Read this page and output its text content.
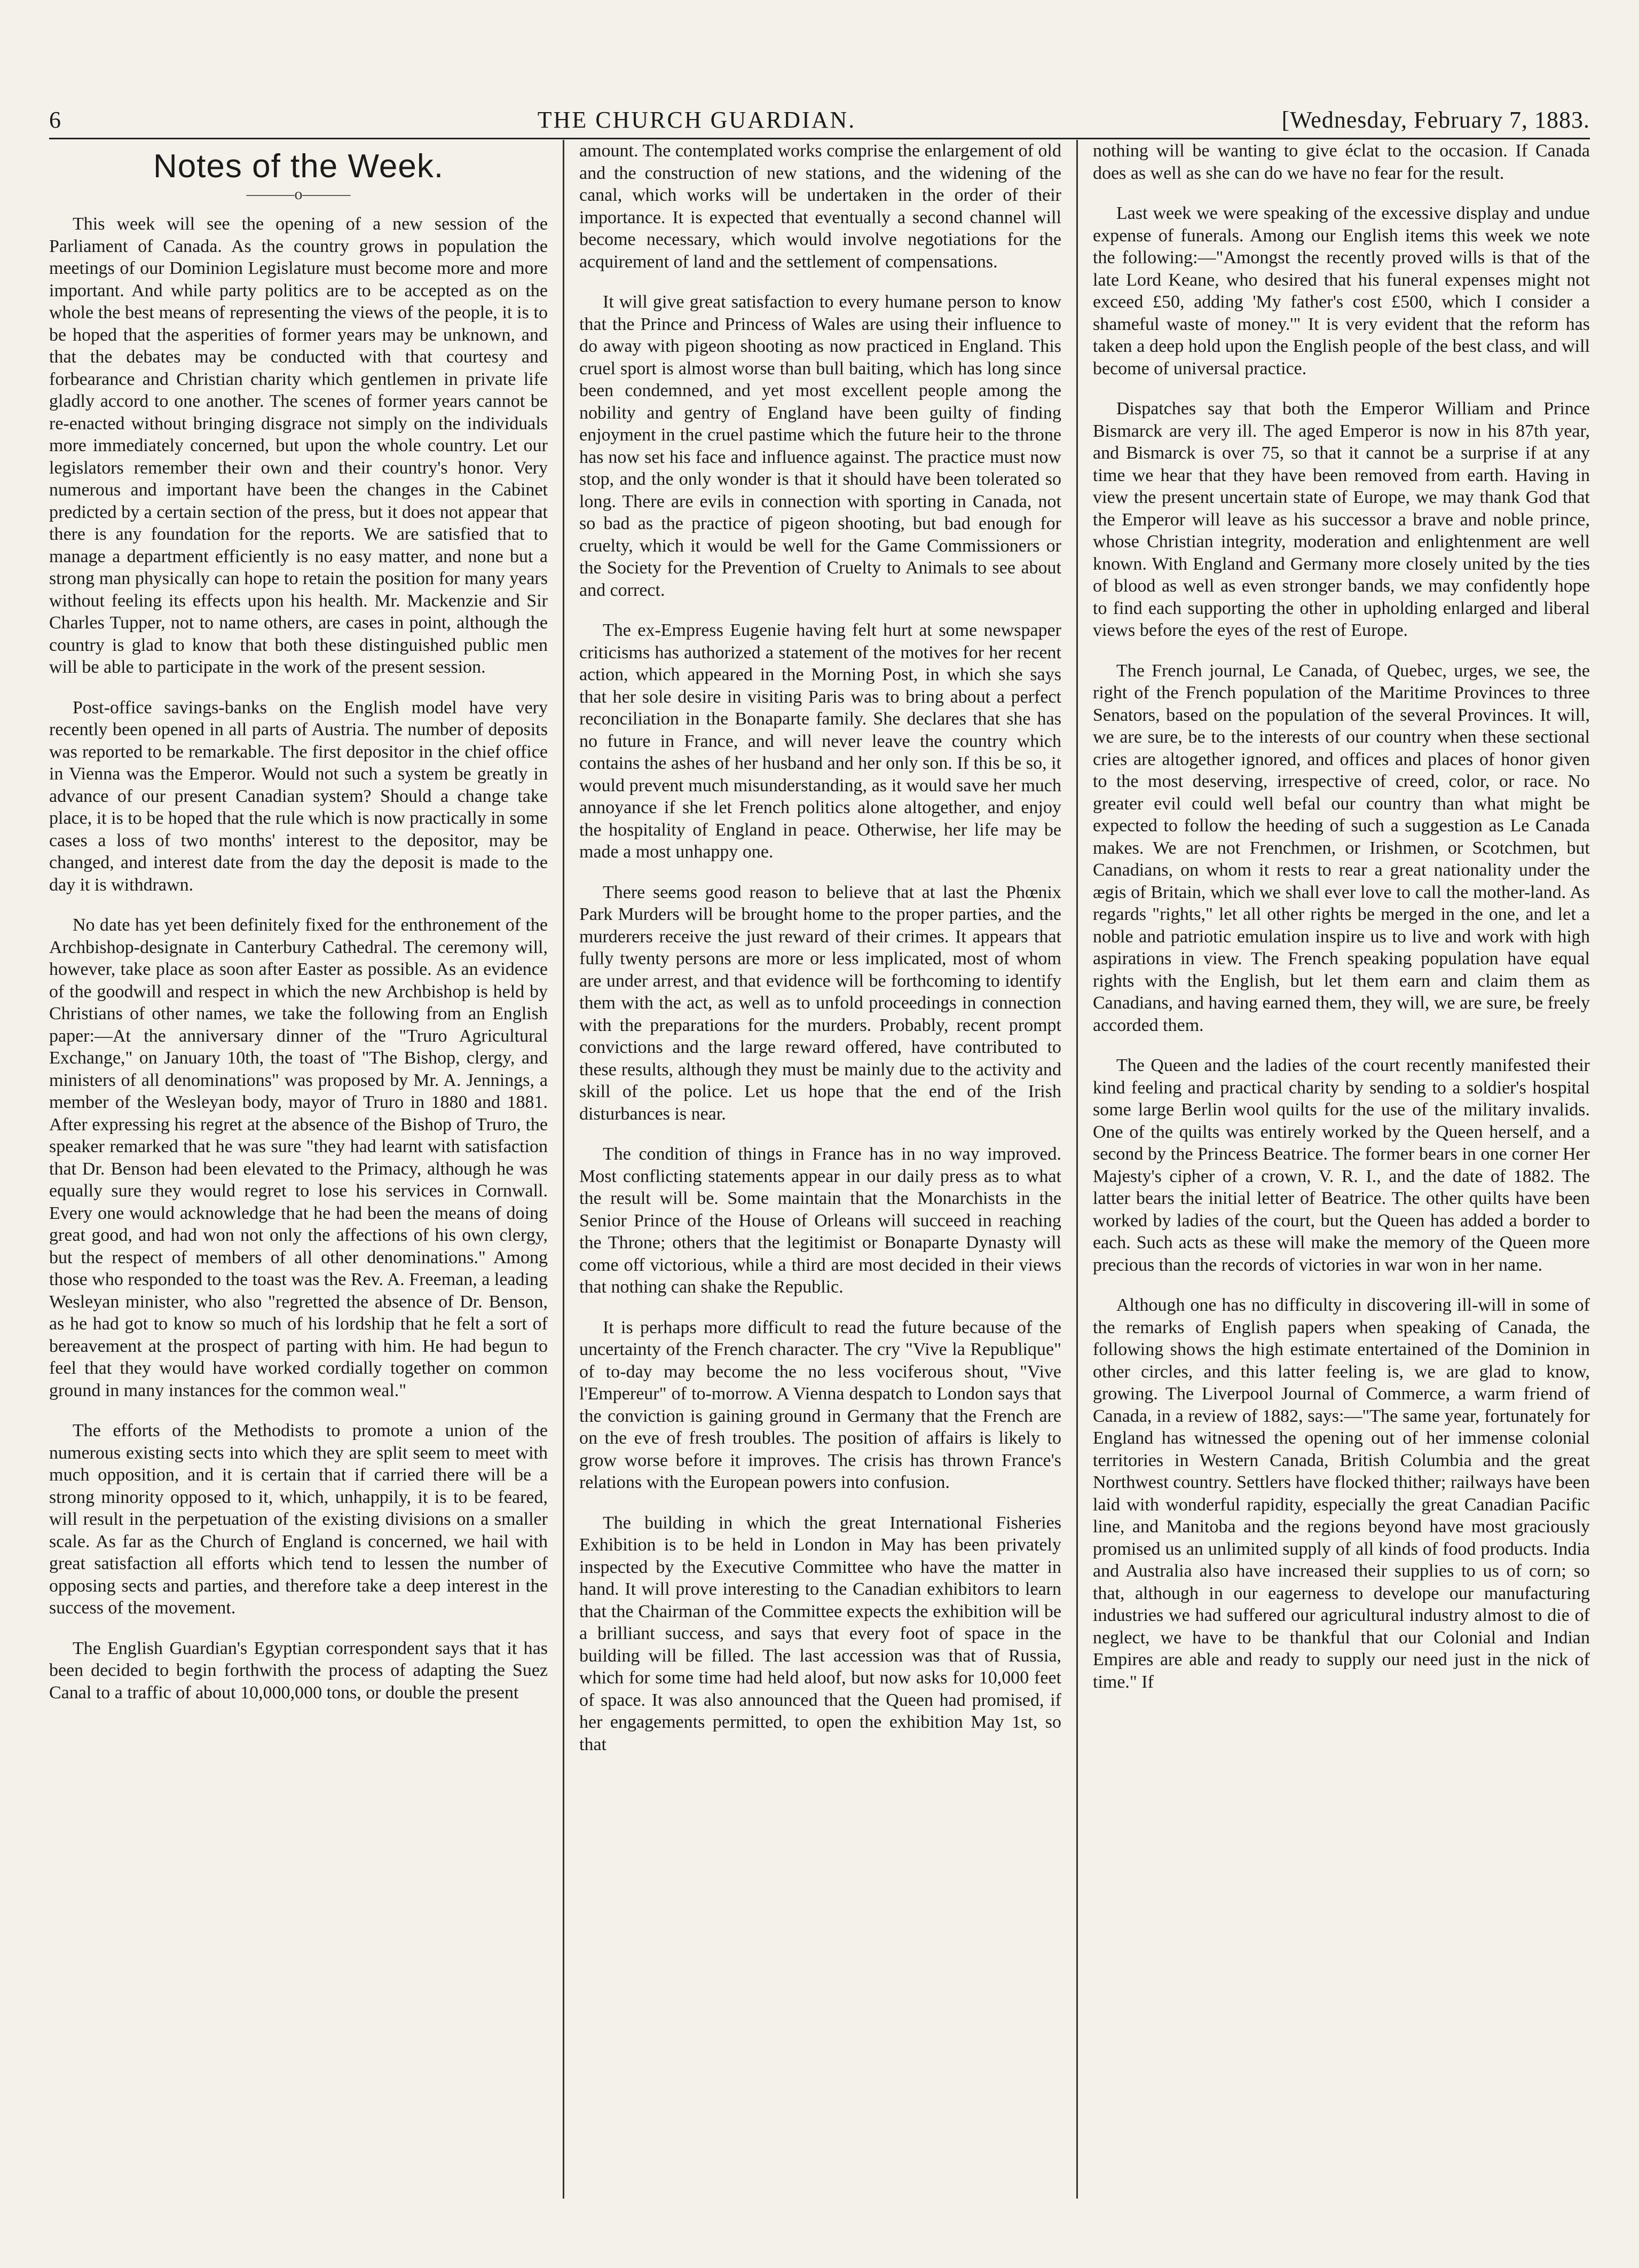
6	THE CHURCH GUARDIAN.	[Wednesday, February 7, 1883.
Notes of the Week.
———o———

This week will see the opening of a new session of the Parliament of Canada. As the country grows in population the meetings of our Dominion Legislature must become more and more important. And while party politics are to be accepted as on the whole the best means of representing the views of the people, it is to be hoped that the asperities of former years may be unknown, and that the debates may be conducted with that courtesy and forbearance and Christian charity which gentlemen in private life gladly accord to one another. The scenes of former years cannot be re-enacted without bringing disgrace not simply on the individuals more immediately concerned, but upon the whole country. Let our legislators remember their own and their country's honor. Very numerous and important have been the changes in the Cabinet predicted by a certain section of the press, but it does not appear that there is any foundation for the reports. We are satisfied that to manage a department efficiently is no easy matter, and none but a strong man physically can hope to retain the position for many years without feeling its effects upon his health. Mr. Mackenzie and Sir Charles Tupper, not to name others, are cases in point, although the country is glad to know that both these distinguished public men will be able to participate in the work of the present session.

Post-office savings-banks on the English model have very recently been opened in all parts of Austria. The number of deposits was reported to be remarkable. The first depositor in the chief office in Vienna was the Emperor. Would not such a system be greatly in advance of our present Canadian system? Should a change take place, it is to be hoped that the rule which is now practically in some cases a loss of two months' interest to the depositor, may be changed, and interest date from the day the deposit is made to the day it is withdrawn.

No date has yet been definitely fixed for the enthronement of the Archbishop-designate in Canterbury Cathedral. The ceremony will, however, take place as soon after Easter as possible. As an evidence of the goodwill and respect in which the new Archbishop is held by Christians of other names, we take the following from an English paper:—At the anniversary dinner of the "Truro Agricultural Exchange," on January 10th, the toast of "The Bishop, clergy, and ministers of all denominations" was proposed by Mr. A. Jennings, a member of the Wesleyan body, mayor of Truro in 1880 and 1881. After expressing his regret at the absence of the Bishop of Truro, the speaker remarked that he was sure "they had learnt with satisfaction that Dr. Benson had been elevated to the Primacy, although he was equally sure they would regret to lose his services in Cornwall. Every one would acknowledge that he had been the means of doing great good, and had won not only the affections of his own clergy, but the respect of members of all other denominations." Among those who responded to the toast was the Rev. A. Freeman, a leading Wesleyan minister, who also "regretted the absence of Dr. Benson, as he had got to know so much of his lordship that he felt a sort of bereavement at the prospect of parting with him. He had begun to feel that they would have worked cordially together on common ground in many instances for the common weal."

The efforts of the Methodists to promote a union of the numerous existing sects into which they are split seem to meet with much opposition, and it is certain that if carried there will be a strong minority opposed to it, which, unhappily, it is to be feared, will result in the perpetuation of the existing divisions on a smaller scale. As far as the Church of England is concerned, we hail with great satisfaction all efforts which tend to lessen the number of opposing sects and parties, and therefore take a deep interest in the success of the movement.

The English Guardian's Egyptian correspondent says that it has been decided to begin forthwith the process of adapting the Suez Canal to a traffic of about 10,000,000 tons, or double the present

amount. The contemplated works comprise the enlargement of old and the construction of new stations, and the widening of the canal, which works will be undertaken in the order of their importance. It is expected that eventually a second channel will become necessary, which would involve negotiations for the acquirement of land and the settlement of compensations.

It will give great satisfaction to every humane person to know that the Prince and Princess of Wales are using their influence to do away with pigeon shooting as now practiced in England. This cruel sport is almost worse than bull baiting, which has long since been condemned, and yet most excellent people among the nobility and gentry of England have been guilty of finding enjoyment in the cruel pastime which the future heir to the throne has now set his face and influence against. The practice must now stop, and the only wonder is that it should have been tolerated so long. There are evils in connection with sporting in Canada, not so bad as the practice of pigeon shooting, but bad enough for cruelty, which it would be well for the Game Commissioners or the Society for the Prevention of Cruelty to Animals to see about and correct.

The ex-Empress Eugenie having felt hurt at some newspaper criticisms has authorized a statement of the motives for her recent action, which appeared in the Morning Post, in which she says that her sole desire in visiting Paris was to bring about a perfect reconciliation in the Bonaparte family. She declares that she has no future in France, and will never leave the country which contains the ashes of her husband and her only son. If this be so, it would prevent much misunderstanding, as it would save her much annoyance if she let French politics alone altogether, and enjoy the hospitality of England in peace. Otherwise, her life may be made a most unhappy one.

There seems good reason to believe that at last the Phœnix Park Murders will be brought home to the proper parties, and the murderers receive the just reward of their crimes. It appears that fully twenty persons are more or less implicated, most of whom are under arrest, and that evidence will be forthcoming to identify them with the act, as well as to unfold proceedings in connection with the preparations for the murders. Probably, recent prompt convictions and the large reward offered, have contributed to these results, although they must be mainly due to the activity and skill of the police. Let us hope that the end of the Irish disturbances is near.

The condition of things in France has in no way improved. Most conflicting statements appear in our daily press as to what the result will be. Some maintain that the Monarchists in the Senior Prince of the House of Orleans will succeed in reaching the Throne; others that the legitimist or Bonaparte Dynasty will come off victorious, while a third are most decided in their views that nothing can shake the Republic.

It is perhaps more difficult to read the future because of the uncertainty of the French character. The cry "Vive la Republique" of to-day may become the no less vociferous shout, "Vive l'Empereur" of to-morrow. A Vienna despatch to London says that the conviction is gaining ground in Germany that the French are on the eve of fresh troubles. The position of affairs is likely to grow worse before it improves. The crisis has thrown France's relations with the European powers into confusion.

The building in which the great International Fisheries Exhibition is to be held in London in May has been privately inspected by the Executive Committee who have the matter in hand. It will prove interesting to the Canadian exhibitors to learn that the Chairman of the Committee expects the exhibition will be a brilliant success, and says that every foot of space in the building will be filled. The last accession was that of Russia, which for some time had held aloof, but now asks for 10,000 feet of space. It was also announced that the Queen had promised, if her engagements permitted, to open the exhibition May 1st, so that

nothing will be wanting to give éclat to the occasion. If Canada does as well as she can do we have no fear for the result.

Last week we were speaking of the excessive display and undue expense of funerals. Among our English items this week we note the following:—"Amongst the recently proved wills is that of the late Lord Keane, who desired that his funeral expenses might not exceed £50, adding 'My father's cost £500, which I consider a shameful waste of money.'" It is very evident that the reform has taken a deep hold upon the English people of the best class, and will become of universal practice.

Dispatches say that both the Emperor William and Prince Bismarck are very ill. The aged Emperor is now in his 87th year, and Bismarck is over 75, so that it cannot be a surprise if at any time we hear that they have been removed from earth. Having in view the present uncertain state of Europe, we may thank God that the Emperor will leave as his successor a brave and noble prince, whose Christian integrity, moderation and enlightenment are well known. With England and Germany more closely united by the ties of blood as well as even stronger bands, we may confidently hope to find each supporting the other in upholding enlarged and liberal views before the eyes of the rest of Europe.

The French journal, Le Canada, of Quebec, urges, we see, the right of the French population of the Maritime Provinces to three Senators, based on the population of the several Provinces. It will, we are sure, be to the interests of our country when these sectional cries are altogether ignored, and offices and places of honor given to the most deserving, irrespective of creed, color, or race. No greater evil could well befal our country than what might be expected to follow the heeding of such a suggestion as Le Canada makes. We are not Frenchmen, or Irishmen, or Scotchmen, but Canadians, on whom it rests to rear a great nationality under the ægis of Britain, which we shall ever love to call the mother-land. As regards "rights," let all other rights be merged in the one, and let a noble and patriotic emulation inspire us to live and work with high aspirations in view. The French speaking population have equal rights with the English, but let them earn and claim them as Canadians, and having earned them, they will, we are sure, be freely accorded them.

The Queen and the ladies of the court recently manifested their kind feeling and practical charity by sending to a soldier's hospital some large Berlin wool quilts for the use of the military invalids. One of the quilts was entirely worked by the Queen herself, and a second by the Princess Beatrice. The former bears in one corner Her Majesty's cipher of a crown, V. R. I., and the date of 1882. The latter bears the initial letter of Beatrice. The other quilts have been worked by ladies of the court, but the Queen has added a border to each. Such acts as these will make the memory of the Queen more precious than the records of victories in war won in her name.

Although one has no difficulty in discovering ill-will in some of the remarks of English papers when speaking of Canada, the following shows the high estimate entertained of the Dominion in other circles, and this latter feeling is, we are glad to know, growing. The Liverpool Journal of Commerce, a warm friend of Canada, in a review of 1882, says:—"The same year, fortunately for England has witnessed the opening out of her immense colonial territories in Western Canada, British Columbia and the great Northwest country. Settlers have flocked thither; railways have been laid with wonderful rapidity, especially the great Canadian Pacific line, and Manitoba and the regions beyond have most graciously promised us an unlimited supply of all kinds of food products. India and Australia also have increased their supplies to us of corn; so that, although in our eagerness to develope our manufacturing industries we had suffered our agricultural industry almost to die of neglect, we have to be thankful that our Colonial and Indian Empires are able and ready to supply our need just in the nick of time." If
